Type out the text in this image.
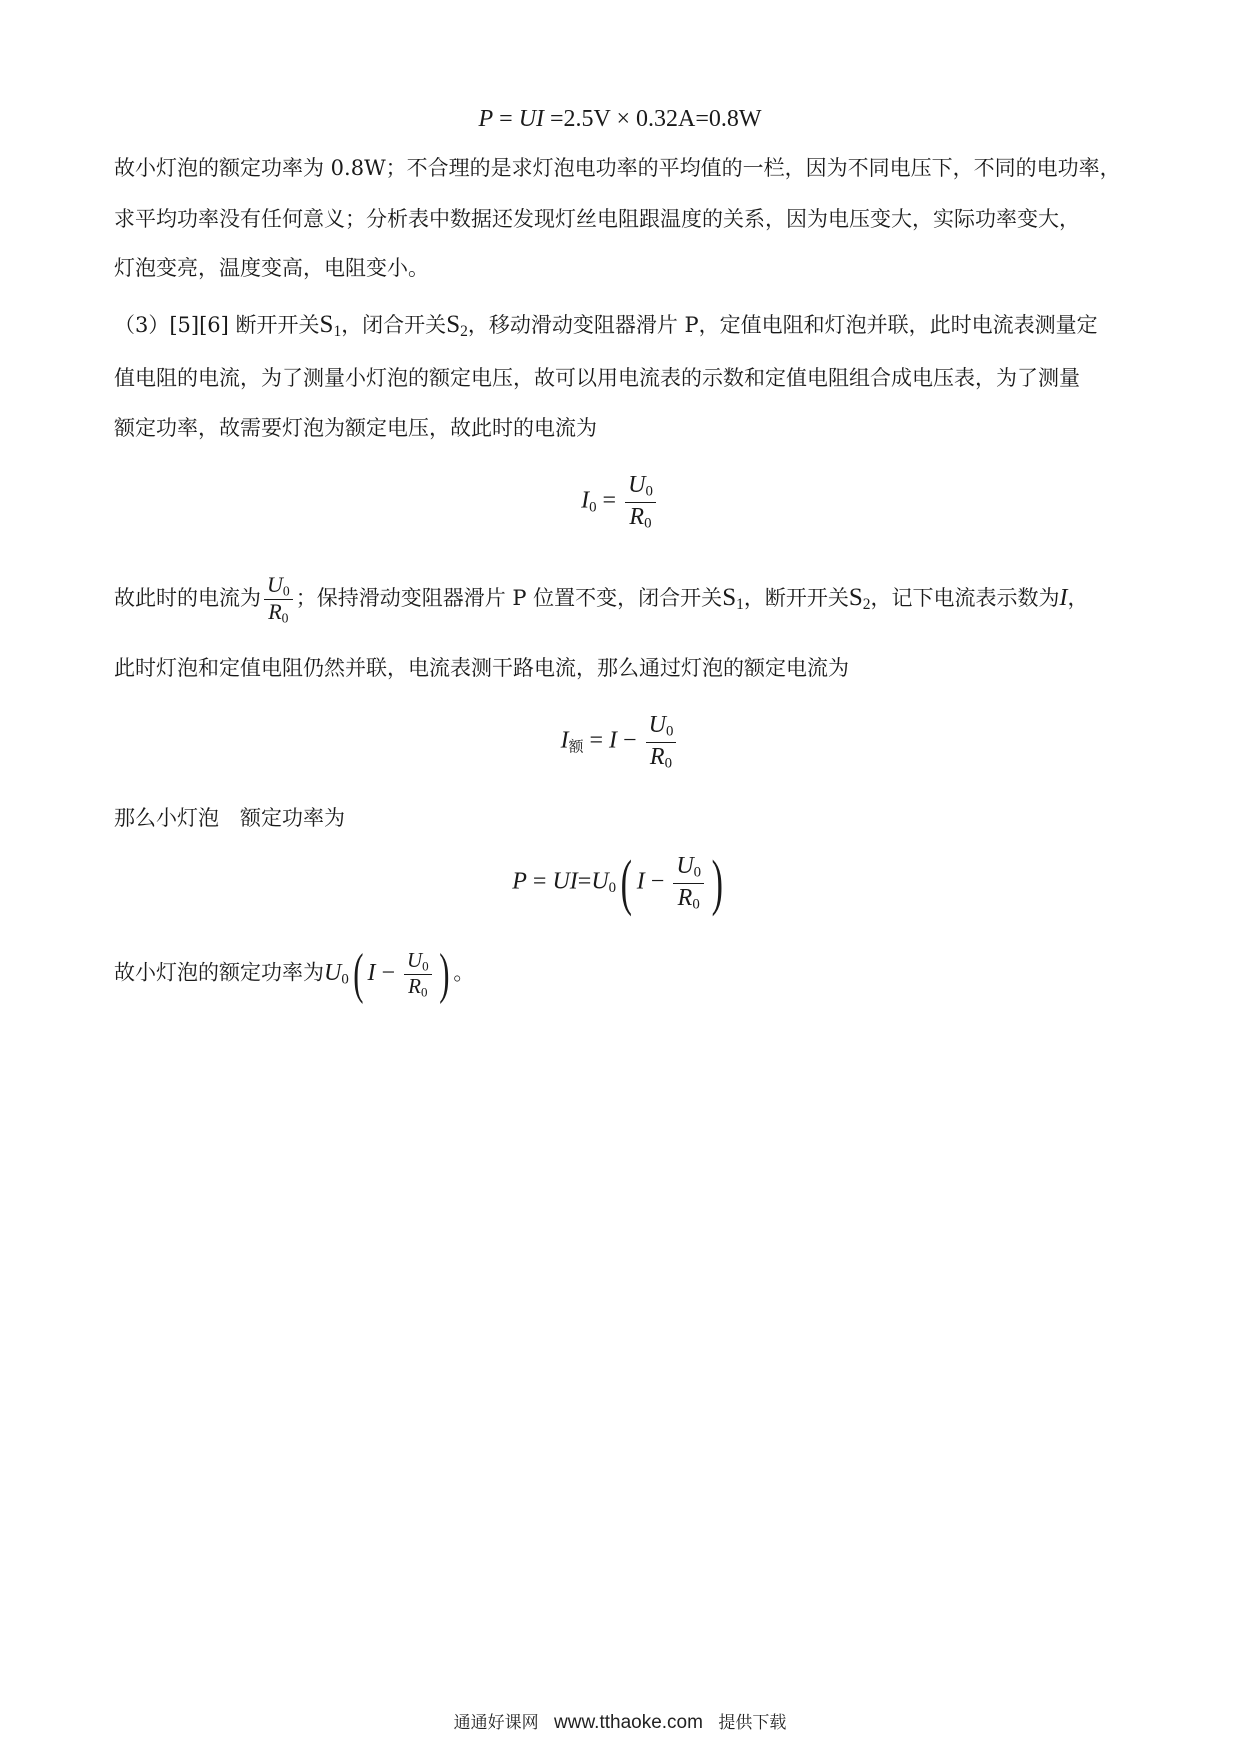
P = UI =2.5V × 0.32A=0.8W
故小灯泡的额定功率为 0.8W；不合理的是求灯泡电功率的平均值的一栏，因为不同电压下，不同的电功率，
求平均功率没有任何意义；分析表中数据还发现灯丝电阻跟温度的关系，因为电压变大，实际功率变大，
灯泡变亮，温度变高，电阻变小。
（3）[5][6] 断开开关$S_1$，闭合开关$S_2$，移动滑动变阻器滑片 P，定值电阻和灯泡并联，此时电流表测量定
值电阻的电流，为了测量小灯泡的额定电压，故可以用电流表的示数和定值电阻组合成电压表，为了测量
额定功率，故需要灯泡为额定电压，故此时的电流为
$I_0 = \frac{U_0}{R_0}$
故此时的电流为 $\frac{U_0}{R_0}$ ；保持滑动变阻器滑片 P 位置不变，闭合开关$S_1$，断开开关$S_2$，记下电流表示数为I，
此时灯泡和定值电阻仍然并联，电流表测干路电流，那么通过灯泡的额定电流为
$I_额 = I - \frac{U_0}{R_0}$
那么小灯泡　额定功率为
$P = UI=U_0$( $I - \frac{U_0}{R_0}$ )
故小灯泡的额定功率为$U_0$( $I - \frac{U_0}{R_0}$ ) 。
通通好课网 www.tthaoke.com 提供下载
